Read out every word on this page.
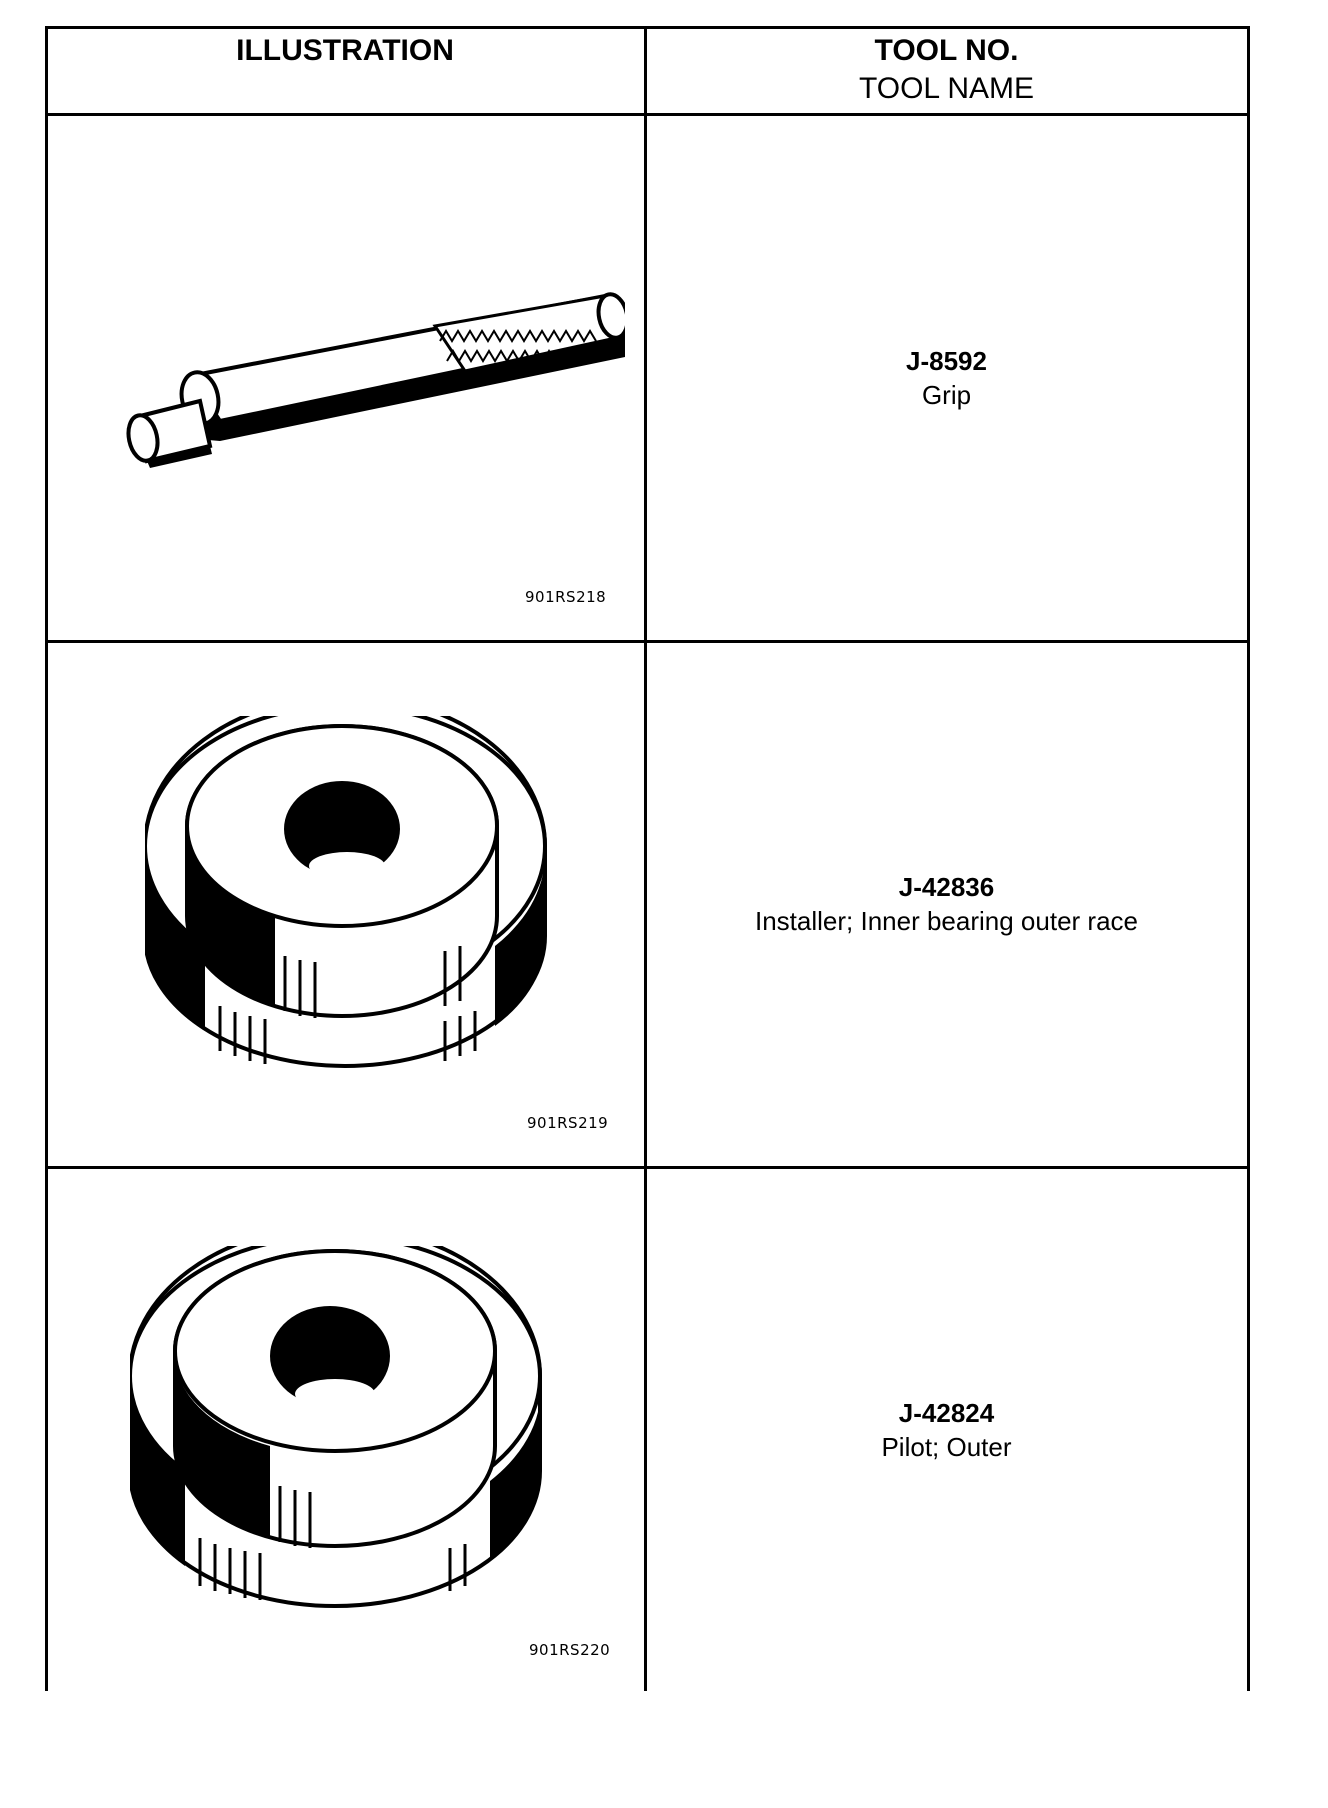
ILLUSTRATION	TOOL NO.
TOOL NAME
901RS218
J-8592
Grip
901RS219
J-42836
Installer; Inner bearing outer race
901RS220
J-42824
Pilot; Outer
